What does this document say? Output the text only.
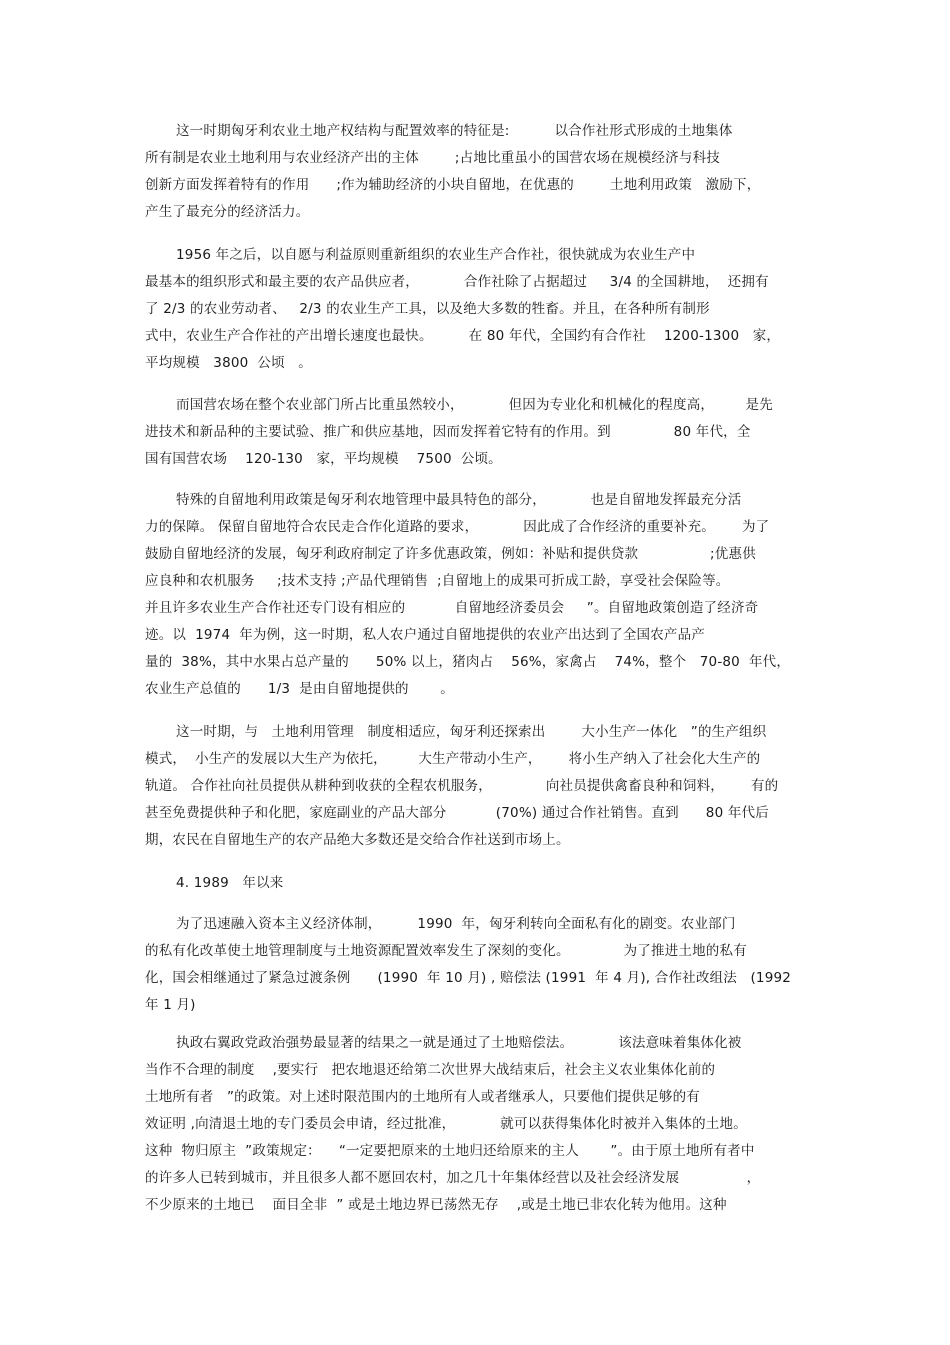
这一时期匈牙利农业土地产权结构与配置效率的特征是:          以合作社形式形成的土地集体
所有制是农业土地利用与农业经济产出的主体        ;占地比重虽小的国营农场在规模经济与科技
创新方面发挥着特有的作用      ;作为辅助经济的小块自留地，在优惠的        土地利用政策   激励下，
产生了最充分的经济活力。
1956 年之后，以自愿与利益原则重新组织的农业生产合作社，很快就成为农业生产中
最基本的组织形式和最主要的农产品供应者，          合作社除了占据超过     3/4 的全国耕地，  还拥有
了 2/3 的农业劳动者、   2/3 的农业生产工具，以及绝大多数的牲畜。并且，在各种所有制形
式中，农业生产合作社的产出增长速度也最快。        在 80 年代，全国约有合作社    1200-1300   家，
平均规模   3800  公顷   。
而国营农场在整个农业部门所占比重虽然较小，          但因为专业化和机械化的程度高，       是先
进技术和新品种的主要试验、推广和供应基地，因而发挥着它特有的作用。到              80 年代，全
国有国营农场    120-130   家，平均规模    7500  公顷。
特殊的自留地利用政策是匈牙利农地管理中最具特色的部分，          也是自留地发挥最充分活
力的保障。 保留自留地符合农民走合作化道路的要求，          因此成了合作经济的重要补充。      为了
鼓励自留地经济的发展，匈牙利政府制定了许多优惠政策，例如：补贴和提供贷款                ;优惠供
应良种和农机服务     ;技术支持 ;产品代理销售  ;自留地上的成果可折成工龄，享受社会保险等。
并且许多农业生产合作社还专门设有相应的           自留地经济委员会     ”。自留地政策创造了经济奇
迹。以  1974  年为例，这一时期，私人农户通过自留地提供的农业产出达到了全国农产品产
量的  38%，其中水果占总产量的      50% 以上，猪肉占    56%，家禽占    74%，整个   70-80  年代，
农业生产总值的      1/3  是由自留地提供的       。
这一时期，与   土地利用管理   制度相适应，匈牙利还探索出        大小生产一体化   ”的生产组织
模式，  小生产的发展以大生产为依托，       大生产带动小生产，      将小生产纳入了社会化大生产的
轨道。 合作社向社员提供从耕种到收获的全程农机服务，            向社员提供禽畜良种和饲料，      有的
甚至免费提供种子和化肥，家庭副业的产品大部分           (70%) 通过合作社销售。直到      80 年代后
期，农民在自留地生产的农产品绝大多数还是交给合作社送到市场上。
4. 1989   年以来
为了迅速融入资本主义经济体制，        1990  年，匈牙利转向全面私有化的剧变。农业部门
的私有化改革使土地管理制度与土地资源配置效率发生了深刻的变化。            为了推进土地的私有
化，国会相继通过了紧急过渡条例      (1990  年 10 月) , 赔偿法 (1991  年 4 月), 合作社改组法   (1992
年 1 月)
执政右翼政党政治强势最显著的结果之一就是通过了土地赔偿法。          该法意味着集体化被
当作不合理的制度    ,要实行   把农地退还给第二次世界大战结束后，社会主义农业集体化前的
土地所有者   ”的政策。对上述时限范围内的土地所有人或者继承人，只要他们提供足够的有
效证明 ,向清退土地的专门委员会申请，经过批准，          就可以获得集体化时被并入集体的土地。
这种  物归原主  ”政策规定：    “一定要把原来的土地归还给原来的主人       ”。由于原土地所有者中
的许多人已转到城市，并且很多人都不愿回农村，加之几十年集体经营以及社会经济发展               ，
不少原来的土地已    面目全非  ” 或是土地边界已荡然无存    ,或是土地已非农化转为他用。这种
